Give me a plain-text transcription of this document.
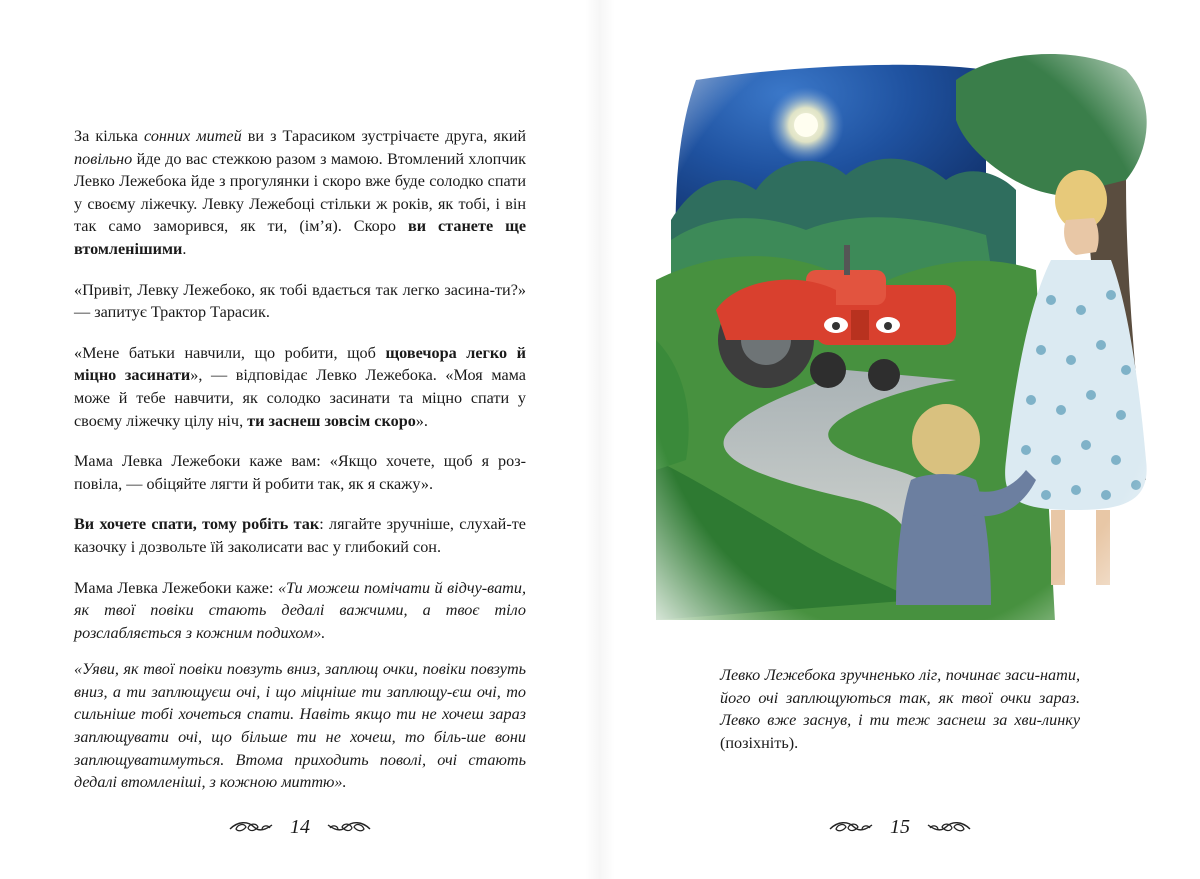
За кілька сонних митей ви з Тарасиком зустрічаєте друга, який повільно йде до вас стежкою разом з мамою. Втомлений хлопчик Левко Лежебока йде з прогулянки і скоро вже буде солодко спати у своєму ліжечку. Левку Лежебоці стільки ж років, як тобі, і він так само заморився, як ти, (ім’я). Скоро ви станете ще втомленішими.

«Привіт, Левку Лежебоко, як тобі вдається так легко засина-ти?» — запитує Трактор Тарасик.

«Мене батьки навчили, що робити, щоб щовечора легко й міцно засинати», — відповідає Левко Лежебока. «Моя мама може й тебе навчити, як солодко засинати та міцно спати у своєму ліжечку цілу ніч, ти заснеш зовсім скоро».

Мама Левка Лежебоки каже вам: «Якщо хочете, щоб я роз-повіла, — обіцяйте лягти й робити так, як я скажу».

Ви хочете спати, тому робіть так: лягайте зручніше, слухай-те казочку і дозвольте їй заколисати вас у глибокий сон.

Мама Левка Лежебоки каже: «Ти можеш помічати й відчу-вати, як твої повіки стають дедалі важчими, а твоє тіло розслабляється з кожним подихом».

«Уяви, як твої повіки повзуть вниз, заплющ очки, повіки повзуть вниз, а ти заплющуєш очі, і що міцніше ти заплющу-єш очі, то сильніше тобі хочеться спати. Навіть якщо ти не хочеш зараз заплющувати очі, що більше ти не хочеш, то біль-ше вони заплющуватимуться. Втома приходить поволі, очі стають дедалі втомленіші, з кожною миттю».

14
Левко Лежебока зручненько ліг, починає заси-нати, його очі заплющуються так, як твої очки зараз. Левко вже заснув, і ти теж заснеш за хви-линку (позіхніть).
15
